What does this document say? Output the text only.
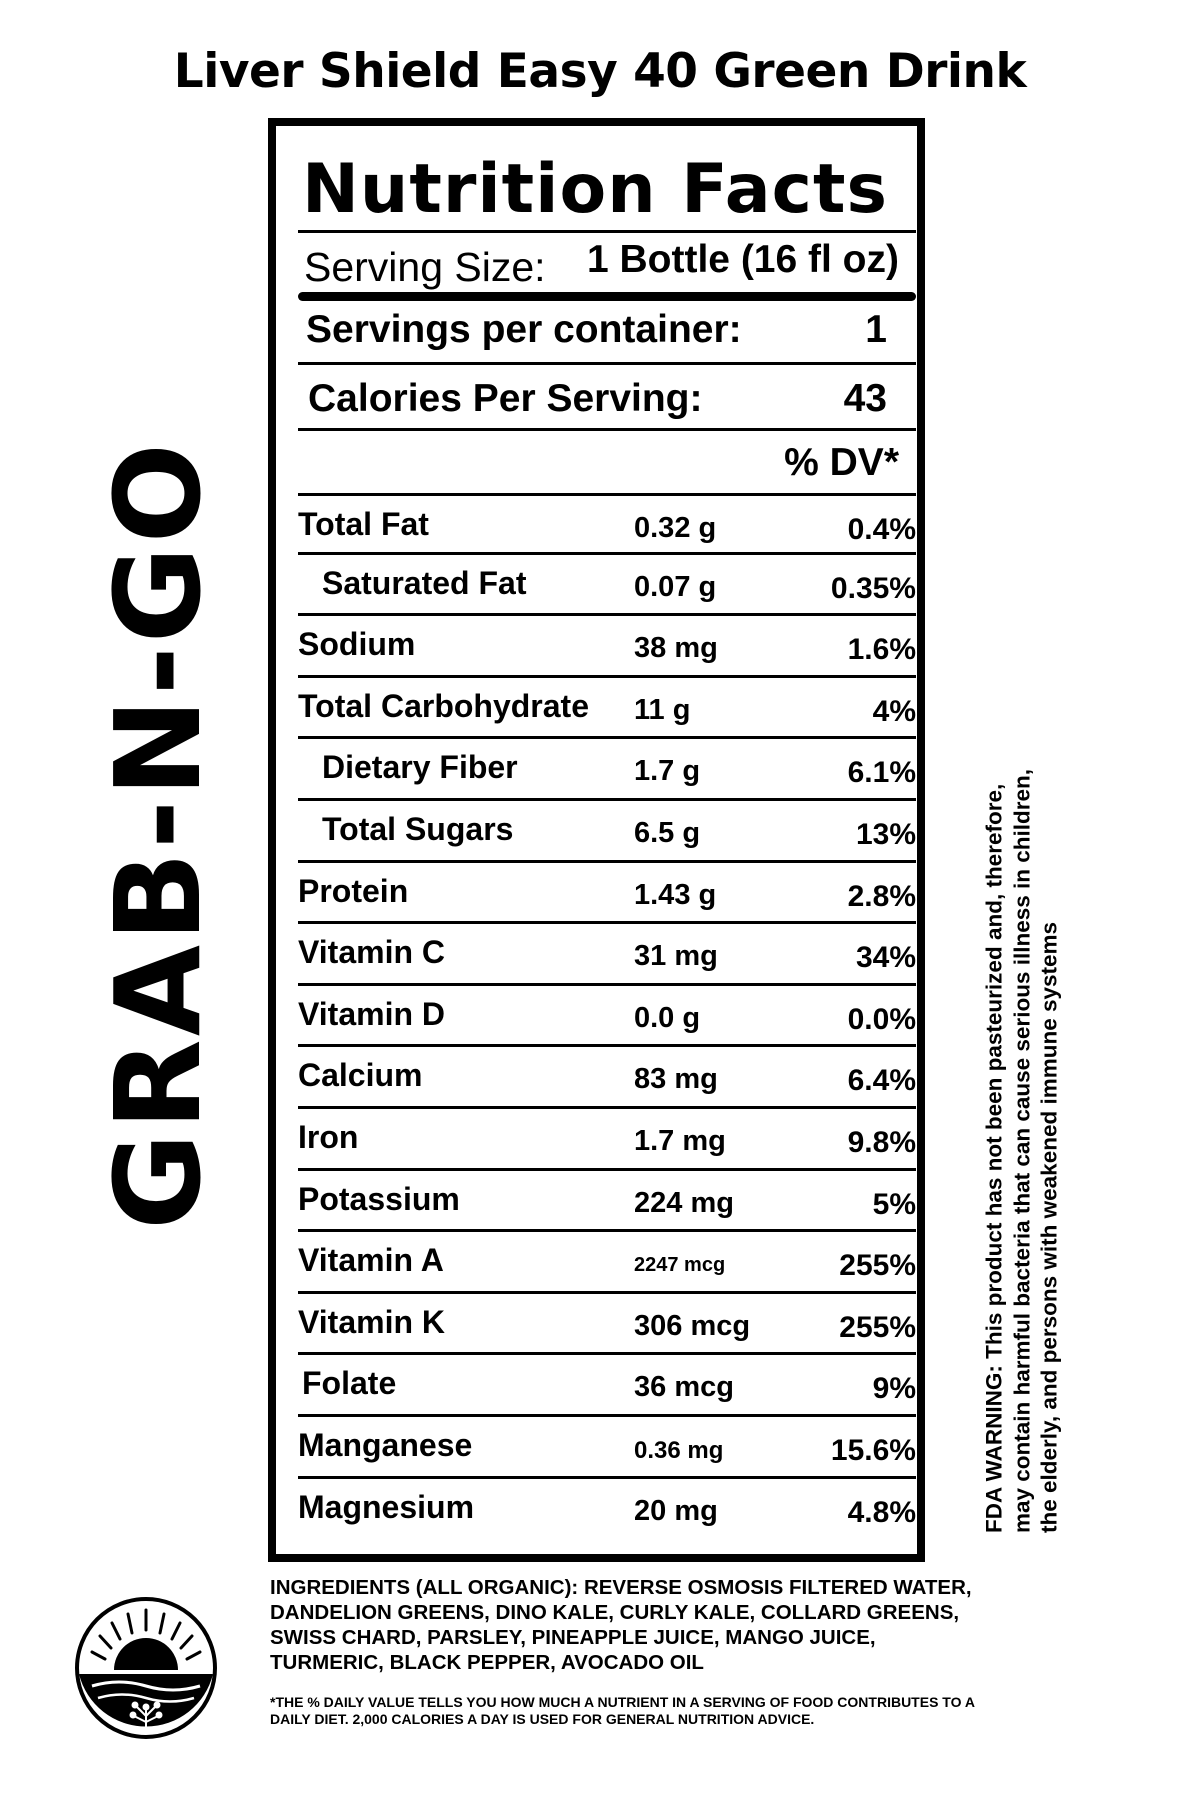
Liver Shield Easy 40 Green Drink
GRAB-N-GO
Nutrition Facts
Serving Size: 1 Bottle (16 fl oz)
Servings per container:	1
Calories Per Serving:	43
% DV*
Total Fat	0.32 g	0.4%
Saturated Fat	0.07 g	0.35%
Sodium	38 mg	1.6%
Total Carbohydrate 11 g	4%
Dietary Fiber	1.7 g	6.1%
Total Sugars	6.5 g	13%
Protein	1.43 g	2.8%
Vitamin C	31 mg	34%
Vitamin D	0.0 g	0.0%
Calcium	83 mg	6.4%
Iron	1.7 mg	9.8%
Potassium	224 mg	5%
Vitamin A	2247 mcg	255%
Vitamin K	306 mcg	255%
Folate	36 mcg	9%
Manganese	0.36 mg	15.6%
Magnesium	20 mg	4.8%	FDA WARNING: This product has not been pasteurized and, therefore, may contain harmful bacteria that can cause serious illness in children, the elderly, and persons with weakened immune systems
INGREDIENTS (ALL ORGANIC): REVERSE OSMOSIS FILTERED WATER, DANDELION GREENS, DINO KALE, CURLY KALE, COLLARD GREENS, SWISS CHARD, PARSLEY, PINEAPPLE JUICE, MANGO JUICE, TURMERIC, BLACK PEPPER, AVOCADO OIL
*THE % DAILY VALUE TELLS YOU HOW MUCH A NUTRIENT IN A SERVING OF FOOD CONTRIBUTES TO A DAILY DIET. 2,000 CALORIES A DAY IS USED FOR GENERAL NUTRITION ADVICE.
